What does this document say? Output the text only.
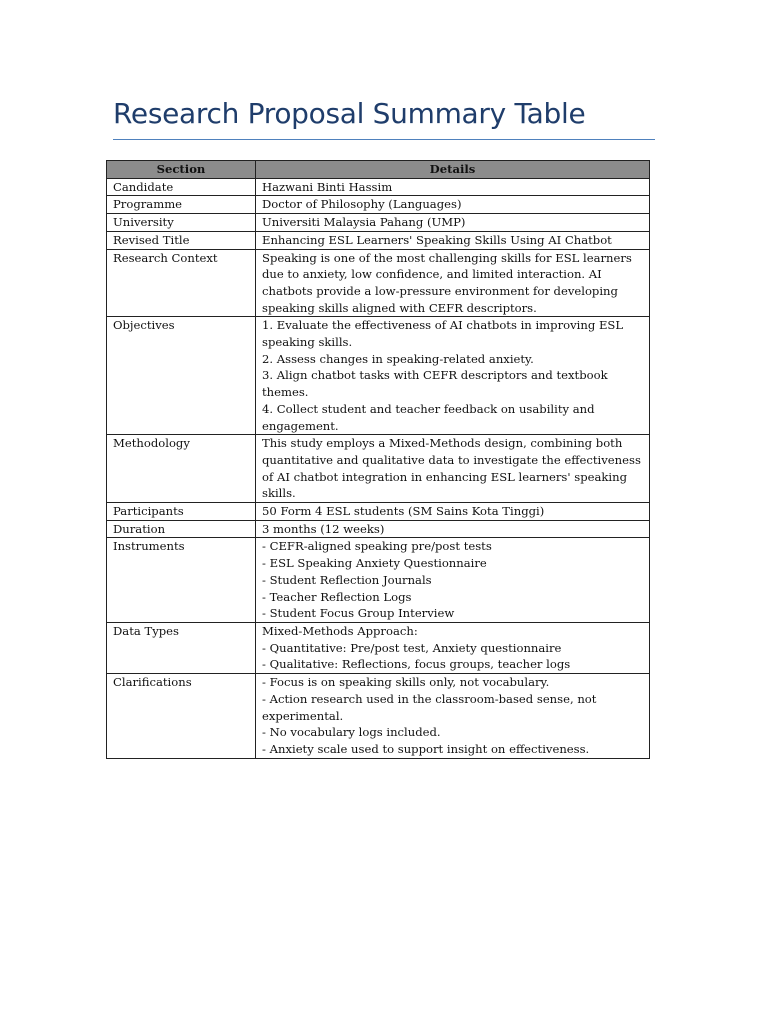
Research Proposal Summary Table
Section	Details
Candidate	Hazwani Binti Hassim

Programme	Doctor of Philosophy (Languages)

University	Universiti Malaysia Pahang (UMP)

Revised Title	Enhancing ESL Learners' Speaking Skills Using AI Chatbot

Research Context	Speaking is one of the most challenging skills for ESL learners due to anxiety, low confidence, and limited interaction. AI chatbots provide a low-pressure environment for developing speaking skills aligned with CEFR descriptors.

Objectives	1. Evaluate the effectiveness of AI chatbots in improving ESL speaking skills.
2. Assess changes in speaking-related anxiety.
3. Align chatbot tasks with CEFR descriptors and textbook themes.
4. Collect student and teacher feedback on usability and engagement.

Methodology	This study employs a Mixed-Methods design, combining both quantitative and qualitative data to investigate the effectiveness of AI chatbot integration in enhancing ESL learners' speaking skills.

Participants	50 Form 4 ESL students (SM Sains Kota Tinggi)

Duration	3 months (12 weeks)

Instruments	- CEFR-aligned speaking pre/post tests
- ESL Speaking Anxiety Questionnaire
- Student Reflection Journals
- Teacher Reflection Logs
- Student Focus Group Interview

Data Types	Mixed-Methods Approach:
- Quantitative: Pre/post test, Anxiety questionnaire
- Qualitative: Reflections, focus groups, teacher logs

Clarifications	- Focus is on speaking skills only, not vocabulary.
- Action research used in the classroom-based sense, not experimental.
- No vocabulary logs included.
- Anxiety scale used to support insight on effectiveness.
